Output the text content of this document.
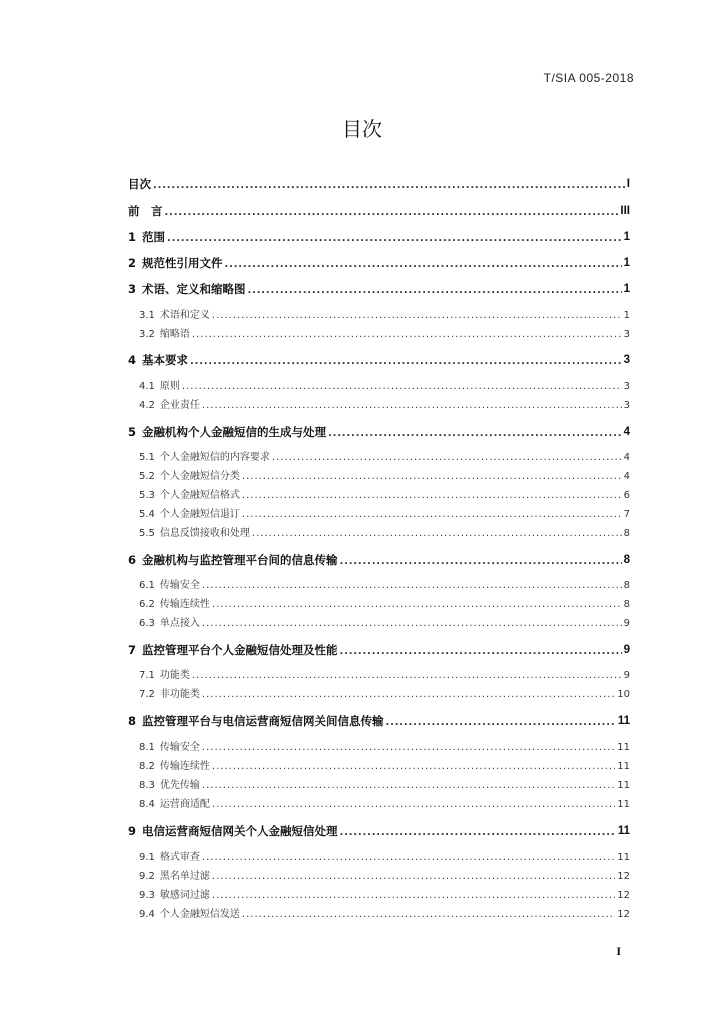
T/SIA 005-2018
目次
目次 .....	I
前　言 .....	III
1 范围 .....	1
2 规范性引用文件 .....	1
3 术语、定义和缩略图 .....	1
3.1 术语和定义 .....	1
3.2 缩略语 .....	3
4 基本要求 .....	3
4.1 原则 .....	3
4.2 企业责任 .....	3
5 金融机构个人金融短信的生成与处理 .....	4
5.1 个人金融短信的内容要求 .....	4
5.2 个人金融短信分类 .....	4
5.3 个人金融短信格式 .....	6
5.4 个人金融短信退订 .....	7
5.5 信息反馈接收和处理 .....	8
6 金融机构与监控管理平台间的信息传输 .....	8
6.1 传输安全 .....	8
6.2 传输连续性 .....	8
6.3 单点接入 .....	9
7 监控管理平台个人金融短信处理及性能 .....	9
7.1 功能类 .....	9
7.2 非功能类 .....	10
8 监控管理平台与电信运营商短信网关间信息传输 .....	11
8.1 传输安全 .....	11
8.2 传输连续性 .....	11
8.3 优先传输 .....	11
8.4 运营商适配 .....	11
9 电信运营商短信网关个人金融短信处理 .....	11
9.1 格式审查 .....	11
9.2 黑名单过滤 .....	12
9.3 敏感词过滤 .....	12
9.4 个人金融短信发送 .....	12
I
